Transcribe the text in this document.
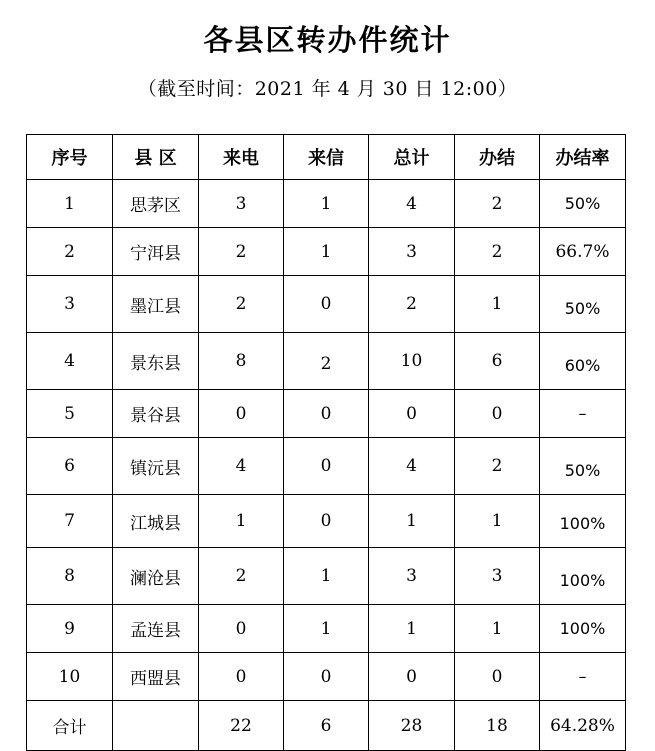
各县区转办件统计
（截至时间：2021 年 4 月 30 日 12:00）
序号	县 区	来电	来信	总计	办结	办结率
1	思茅区	3	1	4	2	50%
2	宁洱县	2	1	3	2	66.7%
3	墨江县	2	0	2	1	50%
4	景东县	8	2	10	6	60%
5	景谷县	0	0	0	0	–
6	镇沅县	4	0	4	2	50%
7	江城县	1	0	1	1	100%
8	澜沧县	2	1	3	3	100%
9	孟连县	0	1	1	1	100%
10	西盟县	0	0	0	0	–
合计		22	6	28	18	64.28%
